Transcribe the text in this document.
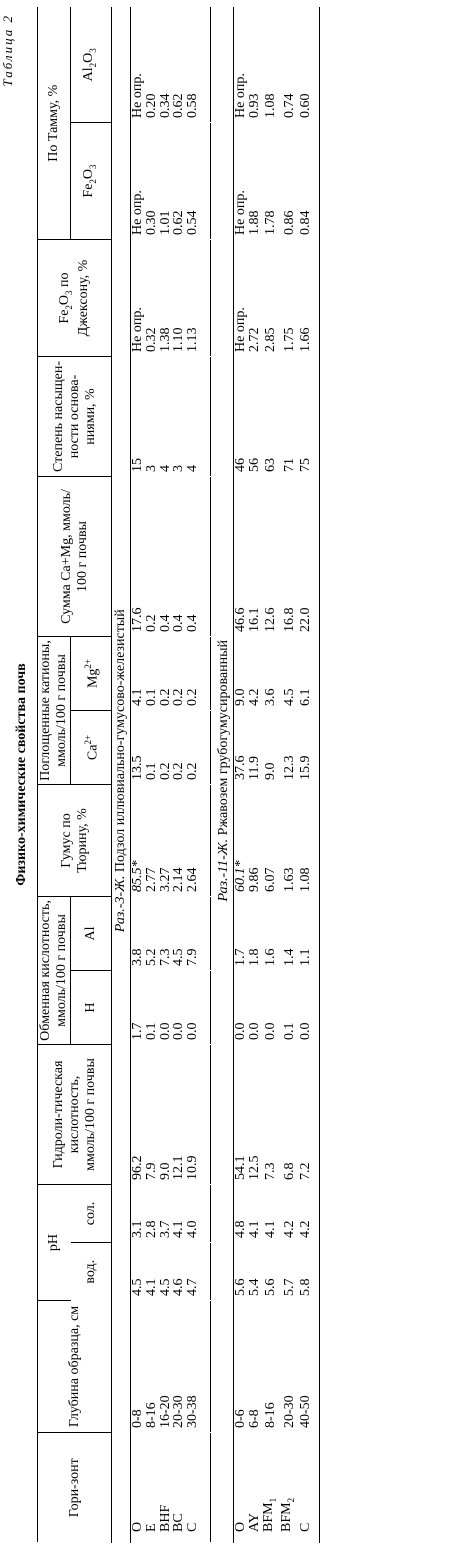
Таблица 2
Физико-химические свойства почв
Гори-зонт	Глубина образца, см	pH		Гидроли-тическая кислотность, ммоль/100 г почвы	Обменная кислотность, ммоль/100 г почвы		Гумус по Тюрину, %	Поглощенные катионы, ммоль/100 г почвы		Сумма Ca+Mg, ммоль/ 100 г почвы	Степень насыщен-ности основа-ниями, %	$Fe_2O_3$ по Джексону, %	По Тамму, %	
		вод.	сол.		H	Al		$Ca^{2+}$	$Mg^{2+}$				$Fe_2O_3$	$Al_2O_3$
Раз.-3-Ж. Подзол иллювиально-гумусово-железистый														
O	0-8	4.5	3.1	96.2	1.7	3.8	85.5*	13.5	4.1	17.6	15	Не опр.	Не опр.	Не опр.
E	8-16	4.1	2.8	7.9	0.1	5.2	2.77	0.1	0.1	0.2	3	0.32	0.30	0.20
BHF	16-20	4.5	3.7	9.0	0.0	7.3	3.27	0.2	0.2	0.4	4	1.38	1.01	0.34
BC	20-30	4.6	4.1	12.1	0.0	4.5	2.14	0.2	0.2	0.4	3	1.10	0.62	0.62
C	30-38	4.7	4.0	10.9	0.0	7.9	2.64	0.2	0.2	0.4	4	1.13	0.54	0.58
Раз.-11-Ж. Ржавозем грубогумусированный														
O	0-6	5.6	4.8	54.1	0.0	1.7	60.1*	37.6	9.0	46.6	46	Не опр.	Не опр.	Не опр.
AY	6-8	5.4	4.1	12.5	0.0	1.8	9.86	11.9	4.2	16.1	56	2.72	1.88	0.93
$BFM_1$	8-16	5.6	4.1	7.3	0.0	1.6	6.07	9.0	3.6	12.6	63	2.85	1.78	1.08
$BFM_2$	20-30	5.7	4.2	6.8	0.1	1.4	1.63	12.3	4.5	16.8	71	1.75	0.86	0.74
C	40-50	5.8	4.2	7.2	0.0	1.1	1.08	15.9	6.1	22.0	75	1.66	0.84	0.60
